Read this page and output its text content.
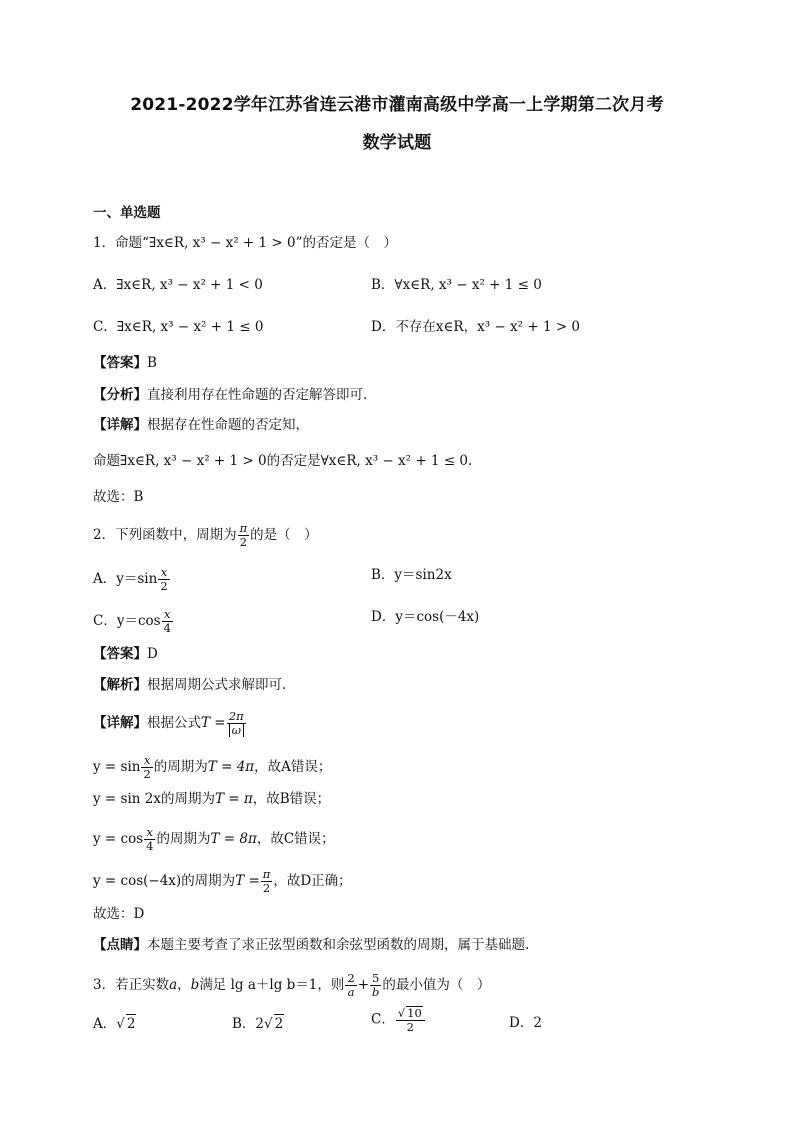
2021-2022学年江苏省连云港市灌南高级中学高一上学期第二次月考
数学试题
一、单选题
1．命题“∃x∈R, x³ − x² + 1 > 0”的否定是（　）
A．∃x∈R, x³ − x² + 1 < 0	B．∀x∈R, x³ − x² + 1 ≤ 0
C．∃x∈R, x³ − x² + 1 ≤ 0	D．不存在x∈R，x³ − x² + 1 > 0
【答案】B
【分析】直接利用存在性命题的否定解答即可.
【详解】根据存在性命题的否定知，
命题∃x∈R, x³ − x² + 1 > 0的否定是∀x∈R, x³ − x² + 1 ≤ 0.
故选：B
2．下列函数中，周期为 $\frac{\pi}{2}$ 的是（　）
A．$y=\sin \frac{x}{2}$	B．y＝sin2x
C．$y=\cos \frac{x}{4}$	D．y＝cos(－4x)
【答案】D
【解析】根据周期公式求解即可.
【详解】根据公式$T = \frac{2\pi}{\omega}$
$y = \sin \frac{x}{2}$ 的周期为T = 4π，故A错误；
y = sin 2x的周期为T = π，故B错误；
$y = \cos \frac{x}{4}$ 的周期为T = 8π，故C错误；
y = cos(−4x)的周期为$T = \frac{\pi}{2}$ ，故D正确；
故选：D
【点睛】本题主要考查了求正弦型函数和余弦型函数的周期，属于基础题.
3．若正实数a，b满足 lg a＋lg b＝1，则 $\frac{2}{a} + \frac{5}{b}$ 的最小值为（　）
A．√ 2	B．2√ 2	C． $\frac{√ 10}{2}$	D．2
